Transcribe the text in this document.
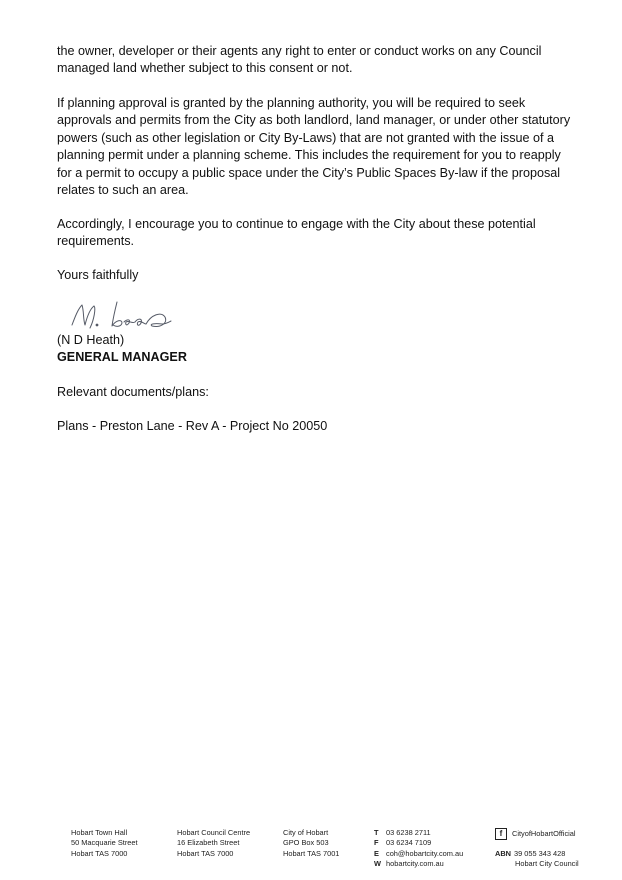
the owner, developer or their agents any right to enter or conduct works on any Council managed land whether subject to this consent or not.

If planning approval is granted by the planning authority, you will be required to seek approvals and permits from the City as both landlord, land manager, or under other statutory powers (such as other legislation or City By-Laws) that are not granted with the issue of a planning permit under a planning scheme. This includes the requirement for you to reapply for a permit to occupy a public space under the City’s Public Spaces By-law if the proposal relates to such an area.

Accordingly, I encourage you to continue to engage with the City about these potential requirements.

Yours faithfully

(N D Heath)
GENERAL MANAGER
Relevant documents/plans:
Plans - Preston Lane - Rev A - Project No 20050
Hobart Town Hall
50 Macquarie Street
Hobart TAS 7000
Hobart Council Centre
16 Elizabeth Street
Hobart TAS 7000
City of Hobart
GPO Box 503
Hobart TAS 7001
T 03 6238 2711
F 03 6234 7109
E coh@hobartcity.com.au
W hobartcity.com.au
f	CityofHobartOfficial
ABN 39 055 343 428
Hobart City Council
